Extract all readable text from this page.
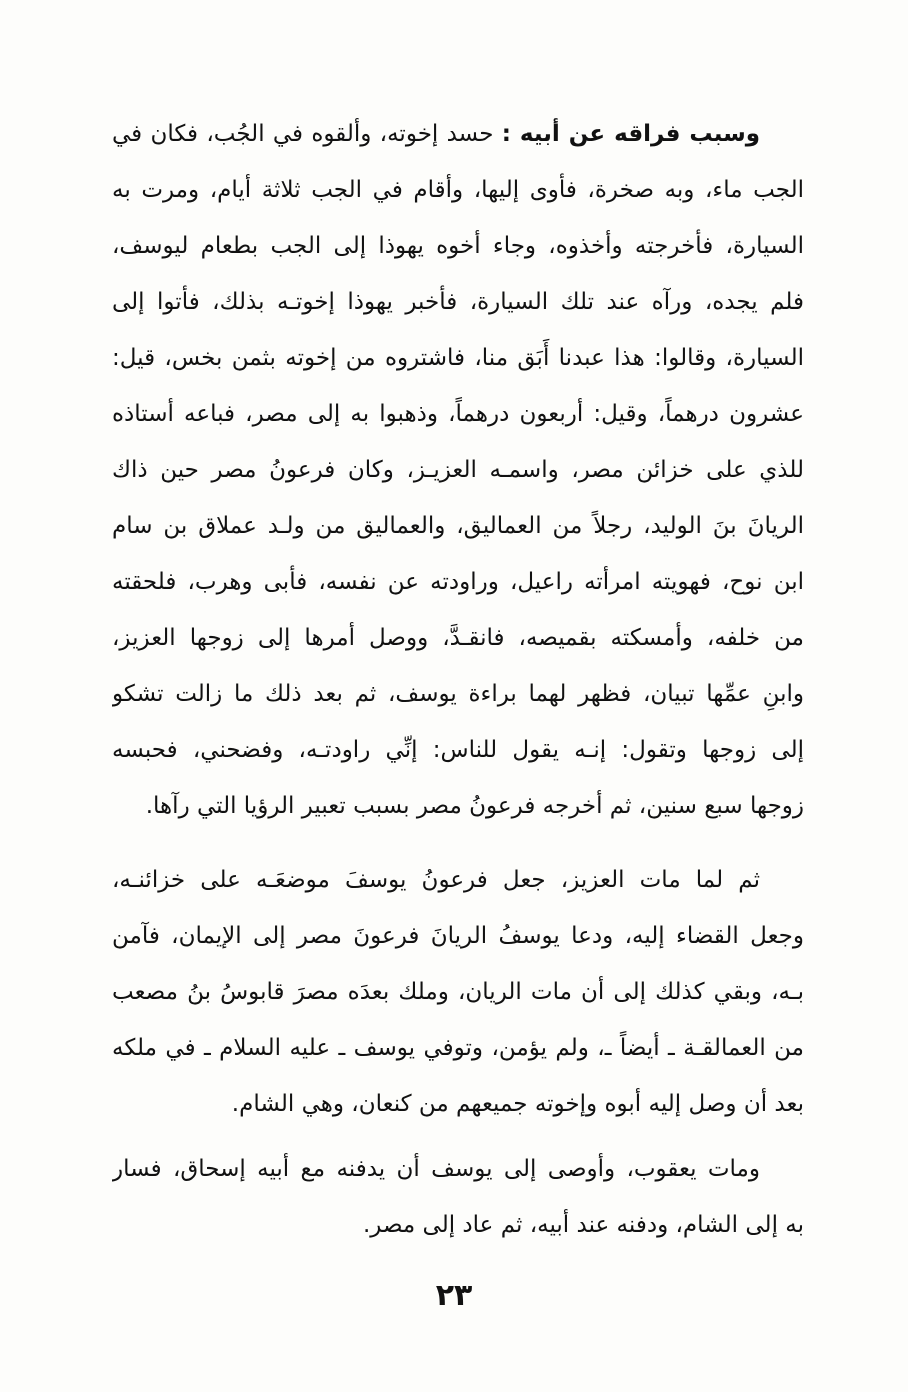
وسبب فراقه عن أبيه : حسد إخوته، وألقوه في الجُب، فكان في
الجب ماء، وبه صخرة، فأوى إليها، وأقام في الجب ثلاثة أيام، ومرت به
السيارة، فأخرجته وأخذوه، وجاء أخوه يهوذا إلى الجب بطعام ليوسف،
فلم يجده، ورآه عند تلك السيارة، فأخبر يهوذا إخوتـه بذلك، فأتوا إلى
السيارة، وقالوا: هذا عبدنا أَبَق منا، فاشتروه من إخوته بثمن بخس، قيل:
عشرون درهماً، وقيل: أربعون درهماً، وذهبوا به إلى مصر، فباعه أستاذه
للذي على خزائن مصر، واسمـه العزيـز، وكان فرعونُ مصر حين ذاك
الريانَ بنَ الوليد، رجلاً من العماليق، والعماليق من ولـد عملاق بن سام
ابن نوح، فهويته امرأته راعيل، وراودته عن نفسه، فأبى وهرب، فلحقته
من خلفه، وأمسكته بقميصه، فانقـدَّ، ووصل أمرها إلى زوجها العزيز،
وابنِ عمِّها تبيان، فظهر لهما براءة يوسف، ثم بعد ذلك ما زالت تشكو
إلى زوجها وتقول: إنـه يقول للناس: إنِّي راودتـه، وفضحني، فحبسه
زوجها سبع سنين، ثم أخرجه فرعونُ مصر بسبب تعبير الرؤيا التي رآها.
ثم لما مات العزيز، جعل فرعونُ يوسفَ موضعَـه على خزائنـه،
وجعل القضاء إليه، ودعا يوسفُ الريانَ فرعونَ مصر إلى الإيمان، فآمن
بـه، وبقي كذلك إلى أن مات الريان، وملك بعدَه مصرَ قابوسُ بنُ مصعب
من العمالقـة ـ أيضاً ـ، ولم يؤمن، وتوفي يوسف ـ عليه السلام ـ في ملكه
بعد أن وصل إليه أبوه وإخوته جميعهم من كنعان، وهي الشام.
ومات يعقوب، وأوصى إلى يوسف أن يدفنه مع أبيه إسحاق، فسار
به إلى الشام، ودفنه عند أبيه، ثم عاد إلى مصر.
٢٣
